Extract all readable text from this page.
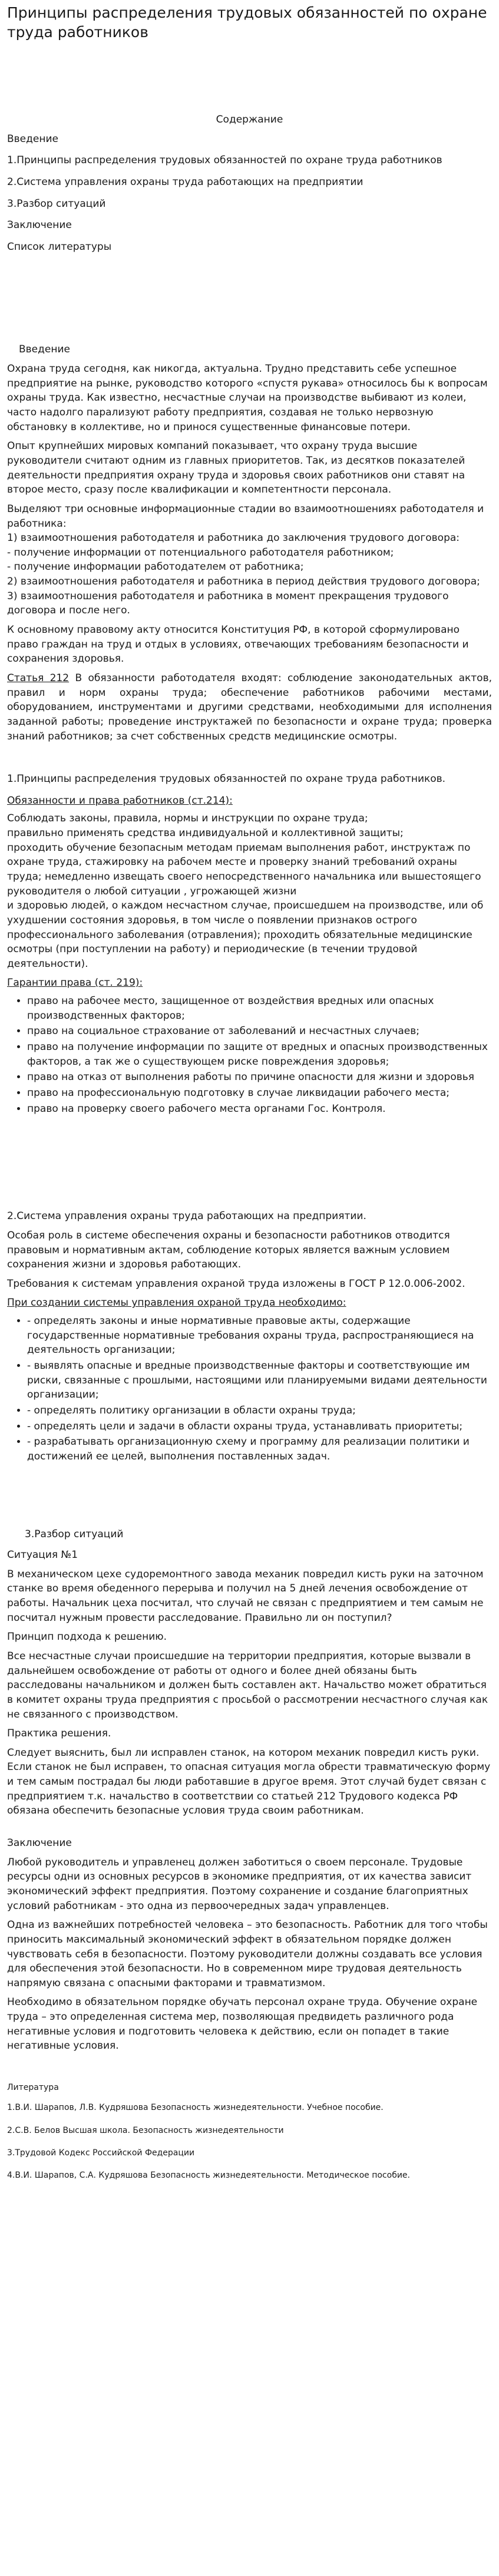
Принципы распределения трудовых обязанностей по охране труда работников
Содержание
Введение
1.Принципы распределения трудовых обязанностей по охране труда работников
2.Система управления охраны труда работающих на предприятии
3.Разбор ситуаций
Заключение
Список литературы
Введение

Охрана труда сегодня, как никогда, актуальна. Трудно представить себе успешное предприятие на рынке, руководство которого «спустя рукава» относилось бы к вопросам охраны труда. Как известно, несчастные случаи на производстве выбивают из колеи, часто надолго парализуют работу предприятия, создавая не только нервозную обстановку в коллективе, но и принося существенные финансовые потери.

Опыт крупнейших мировых компаний показывает, что охрану труда высшие руководители считают одним из главных приоритетов. Так, из десятков показателей деятельности предприятия охрану труда и здоровья своих работников они ставят на второе место, сразу после квалификации и компетентности персонала.

Выделяют три основные информационные стадии во взаимоотношениях работодателя и работника:
1) взаимоотношения работодателя и работника до заключения трудового договора:
- получение информации от потенциального работодателя работником;
- получение информации работодателем от работника;
2) взаимоотношения работодателя и работника в период действия трудового договора;
3) взаимоотношения работодателя и работника в момент прекращения трудового договора и после него.

К основному правовому акту относится Конституция РФ, в которой сформулировано право граждан на труд и отдых в условиях, отвечающих требованиям безопасности и сохранения здоровья.

Статья 212 В обязанности работодателя входят: соблюдение законодательных актов, правил и норм охраны труда; обеспечение работников рабочими местами, оборудованием, инструментами и другими средствами, необходимыми для исполнения заданной работы; проведение инструктажей по безопасности и охране труда; проверка знаний работников; за счет собственных средств медицинские осмотры.

1.Принципы распределения трудовых обязанностей по охране труда работников.

Обязанности и права работников (ст.214):

Соблюдать законы, правила, нормы и инструкции по охране труда;
правильно применять средства индивидуальной и коллективной защиты;
проходить обучение безопасным методам приемам выполнения работ, инструктаж по охране труда, стажировку на рабочем месте и проверку знаний требований охраны труда; немедленно извещать своего непосредственного начальника или вышестоящего руководителя о любой ситуации , угрожающей жизни
и здоровью людей, о каждом несчастном случае, происшедшем на производстве, или об ухудшении состояния здоровья, в том числе о появлении признаков острого профессионального заболевания (отравления); проходить обязательные медицинские осмотры (при поступлении на работу) и периодические (в течении трудовой деятельности).

Гарантии права (ст. 219):

• право на рабочее место, защищенное от воздействия вредных или опасных производственных факторов;
• право на социальное страхование от заболеваний и несчастных случаев;
• право на получение информации по защите от вредных и опасных производственных факторов, а так же о существующем риске повреждения здоровья;
• право на отказ от выполнения работы по причине опасности для жизни и здоровья
• право на профессиональную подготовку в случае ликвидации рабочего места;
• право на проверку своего рабочего места органами Гос. Контроля.

2.Система управления охраны труда работающих на предприятии.

Особая роль в системе обеспечения охраны и безопасности работников отводится правовым и нормативным актам, соблюдение которых является важным условием сохранения жизни и здоровья работающих.

Требования к системам управления охраной труда изложены в ГОСТ Р 12.0.006-2002.

При создании системы управления охраной труда необходимо:

• - определять законы и иные нормативные правовые акты, содержащие государственные нормативные требования охраны труда, распространяющиеся на деятельность организации;
• - выявлять опасные и вредные производственные факторы и соответствующие им риски, связанные с прошлыми, настоящими или планируемыми видами деятельности организации;
• - определять политику организации в области охраны труда;
• - определять цели и задачи в области охраны труда, устанавливать приоритеты;
• - разрабатывать организационную схему и программу для реализации политики и достижений ее целей, выполнения поставленных задач.

3.Разбор ситуаций

Ситуация №1

В механическом цехе судоремонтного завода механик повредил кисть руки на заточном станке во время обеденного перерыва и получил на 5 дней лечения освобождение от работы. Начальник цеха посчитал, что случай не связан с предприятием и тем самым не посчитал нужным провести расследование. Правильно ли он поступил?

Принцип подхода к решению.

Все несчастные случаи происшедшие на территории предприятия, которые вызвали в дальнейшем освобождение от работы от одного и более дней обязаны быть расследованы начальником и должен быть составлен акт. Начальство может обратиться в комитет охраны труда предприятия с просьбой о рассмотрении несчастного случая как не связанного с производством.

Практика решения.

Следует выяснить, был ли исправлен станок, на котором механик повредил кисть руки. Если станок не был исправен, то опасная ситуация могла обрести травматическую форму и тем самым пострадал бы люди работавшие в другое время. Этот случай будет связан с предприятием т.к. начальство в соответствии со статьей 212 Трудового кодекса РФ обязана обеспечить безопасные условия труда своим работникам.

Заключение

Любой руководитель и управленец должен заботиться о своем персонале. Трудовые ресурсы одни из основных ресурсов в экономике предприятия, от их качества зависит экономический эффект предприятия. Поэтому сохранение и создание благоприятных условий работникам - это одна из первоочередных задач управленцев.

Одна из важнейших потребностей человека – это безопасность. Работник для того чтобы приносить максимальный экономический эффект в обязательном порядке должен чувствовать себя в безопасности. Поэтому руководители должны создавать все условия для обеспечения этой безопасности. Но в современном мире трудовая деятельность напрямую связана с опасными факторами и травматизмом.

Необходимо в обязательном порядке обучать персонал охране труда. Обучение охране труда – это определенная система мер, позволяющая предвидеть различного рода негативные условия и подготовить человека к действию, если он попадет в такие негативные условия.

Литература

1.В.И. Шарапов, Л.В. Кудряшова Безопасность жизнедеятельности. Учебное пособие.

2.С.В. Белов Высшая школа. Безопасность жизнедеятельности

3.Трудовой Кодекс Российской Федерации

4.В.И. Шарапов, С.А. Кудряшова Безопасность жизнедеятельности. Методическое пособие.
